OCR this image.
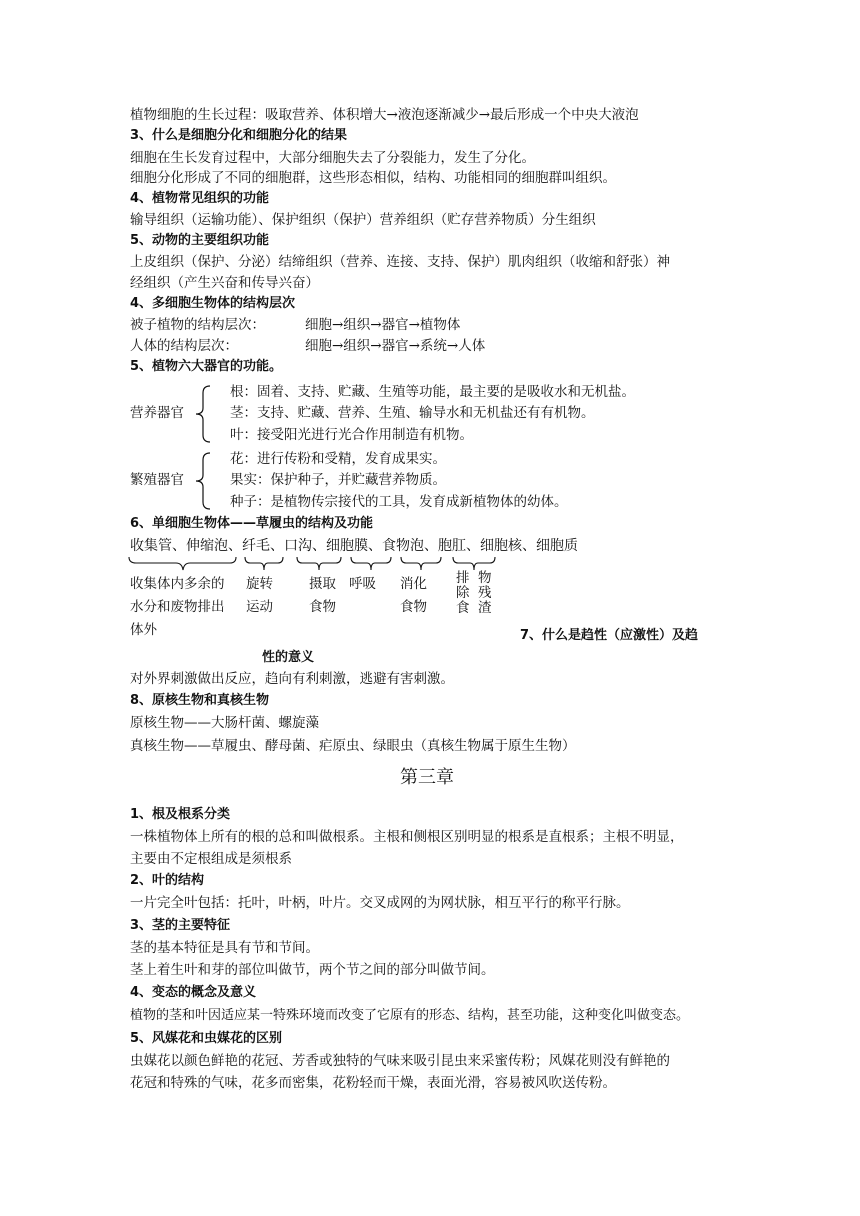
植物细胞的生长过程：吸取营养、体积增大→液泡逐渐减少→最后形成一个中央大液泡
3、什么是细胞分化和细胞分化的结果
细胞在生长发育过程中，大部分细胞失去了分裂能力，发生了分化。
细胞分化形成了不同的细胞群，这些形态相似，结构、功能相同的细胞群叫组织。
4、植物常见组织的功能
输导组织（运输功能）、保护组织（保护）营养组织（贮存营养物质）分生组织
5、动物的主要组织功能
上皮组织（保护、分泌）结缔组织（营养、连接、支持、保护）肌肉组织（收缩和舒张）神
经组织（产生兴奋和传导兴奋）
4、多细胞生物体的结构层次
被子植物的结构层次：	细胞→组织→器官→植物体
人体的结构层次：	细胞→组织→器官→系统→人体
5、植物六大器官的功能。
营养器官
根：固着、支持、贮藏、生殖等功能，最主要的是吸收水和无机盐。
茎：支持、贮藏、营养、生殖、输导水和无机盐还有有机物。
叶：接受阳光进行光合作用制造有机物。
繁殖器官
花：进行传粉和受精，发育成果实。
果实：保护种子，并贮藏营养物质。
种子：是植物传宗接代的工具，发育成新植物体的幼体。
6、单细胞生物体——草履虫的结构及功能
收集管、伸缩泡、纤毛、口沟、细胞膜、食物泡、胞肛、细胞核、细胞质
收集体内多余的
水分和废物排出
体外
旋转
运动
摄取
食物
呼吸 消化
食物
排除食
物残渣
7、什么是趋性（应激性）及趋
性的意义
对外界刺激做出反应，趋向有利刺激，逃避有害刺激。
8、原核生物和真核生物
原核生物——大肠杆菌、螺旋藻
真核生物——草履虫、酵母菌、疟原虫、绿眼虫（真核生物属于原生生物）
第三章
1、根及根系分类
一株植物体上所有的根的总和叫做根系。主根和侧根区别明显的根系是直根系；主根不明显，
主要由不定根组成是须根系
2、叶的结构
一片完全叶包括：托叶，叶柄，叶片。交叉成网的为网状脉，相互平行的称平行脉。
3、茎的主要特征
茎的基本特征是具有节和节间。
茎上着生叶和芽的部位叫做节，两个节之间的部分叫做节间。
4、变态的概念及意义
植物的茎和叶因适应某一特殊环境而改变了它原有的形态、结构，甚至功能，这种变化叫做变态。
5、风媒花和虫媒花的区别
虫媒花以颜色鲜艳的花冠、芳香或独特的气味来吸引昆虫来采蜜传粉；风媒花则没有鲜艳的
花冠和特殊的气味，花多而密集，花粉轻而干燥，表面光滑，容易被风吹送传粉。
